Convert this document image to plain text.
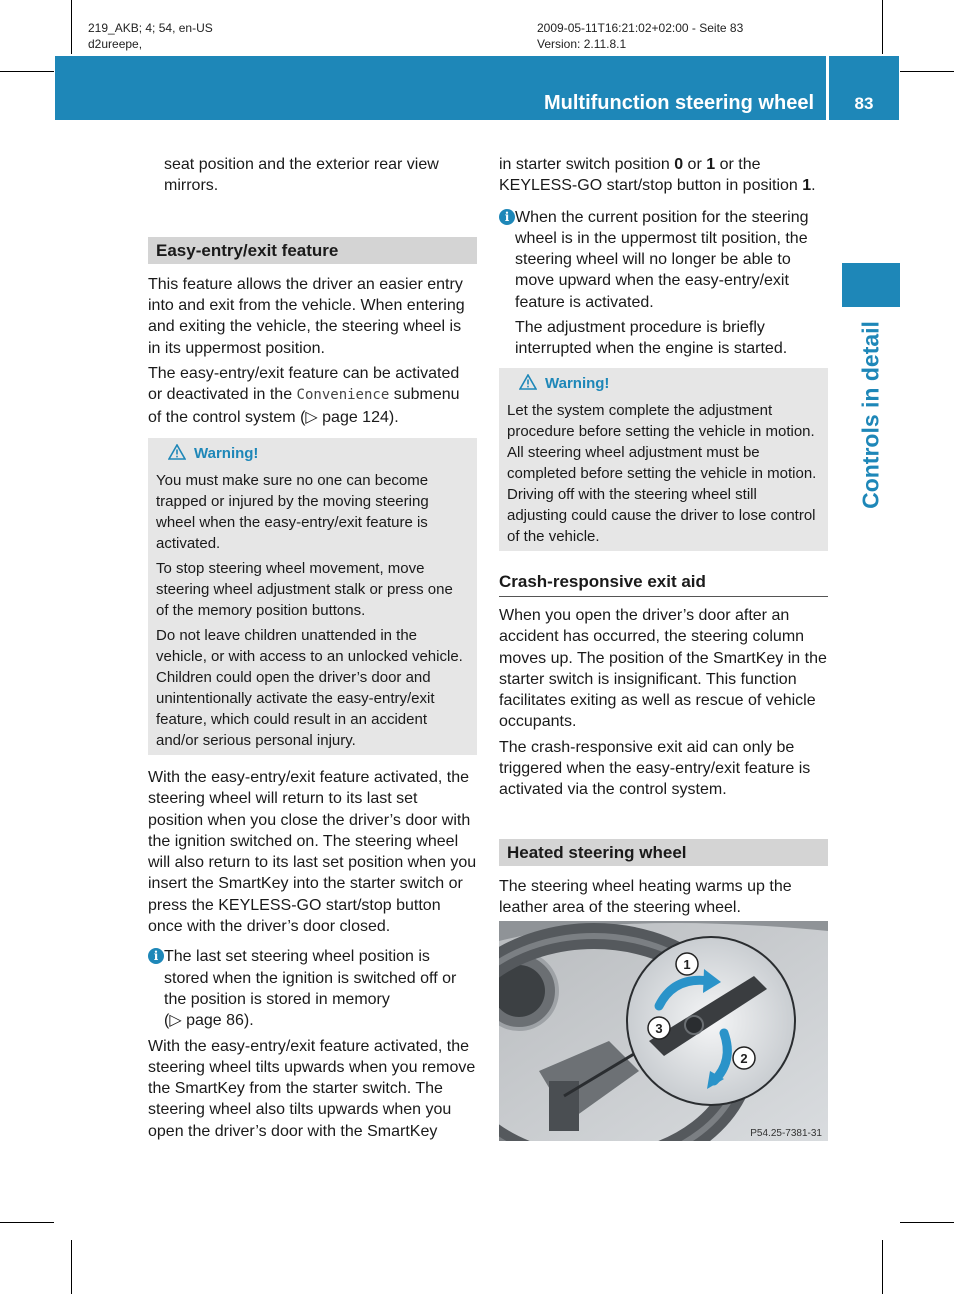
219_AKB; 4; 54, en-US
d2ureepe,
2009-05-11T16:21:02+02:00 - Seite 83
Version: 2.11.8.1
Multifunction steering wheel	83
Controls in detail

seat position and the exterior rear view mirrors.

Easy-entry/exit feature

This feature allows the driver an easier entry into and exit from the vehicle. When entering and exiting the vehicle, the steering wheel is in its uppermost position.

The easy-entry/exit feature can be activated or deactivated in the Convenience submenu of the control system (▷ page 124).

Warning!

You must make sure no one can become trapped or injured by the moving steering wheel when the easy-entry/exit feature is activated.

To stop steering wheel movement, move steering wheel adjustment stalk or press one of the memory position buttons.

Do not leave children unattended in the vehicle, or with access to an unlocked vehicle. Children could open the driver’s door and unintentionally activate the easy-entry/exit feature, which could result in an accident and/or serious personal injury.

With the easy-entry/exit feature activated, the steering wheel will return to its last set position when you close the driver’s door with the ignition switched on. The steering wheel will also return to its last set position when you insert the SmartKey into the starter switch or press the KEYLESS-GO start/stop button once with the driver’s door closed.

i The last set steering wheel position is stored when the ignition is switched off or the position is stored in memory
(▷ page 86).

With the easy-entry/exit feature activated, the steering wheel tilts upwards when you remove the SmartKey from the starter switch. The steering wheel also tilts upwards when you open the driver’s door with the SmartKey

in starter switch position 0 or 1 or the KEYLESS-GO start/stop button in position 1.

i When the current position for the steering wheel is in the uppermost tilt position, the steering wheel will no longer be able to move upward when the easy-entry/exit feature is activated.

The adjustment procedure is briefly interrupted when the engine is started.

Warning!

Let the system complete the adjustment procedure before setting the vehicle in motion. All steering wheel adjustment must be completed before setting the vehicle in motion. Driving off with the steering wheel still adjusting could cause the driver to lose control of the vehicle.

Crash-responsive exit aid

When you open the driver’s door after an accident has occurred, the steering column moves up. The position of the SmartKey in the starter switch is insignificant. This function facilitates exiting as well as rescue of vehicle occupants.

The crash-responsive exit aid can only be triggered when the easy-entry/exit feature is activated via the control system.

Heated steering wheel

The steering wheel heating warms up the leather area of the steering wheel.

1
3
2
P54.25-7381-31
